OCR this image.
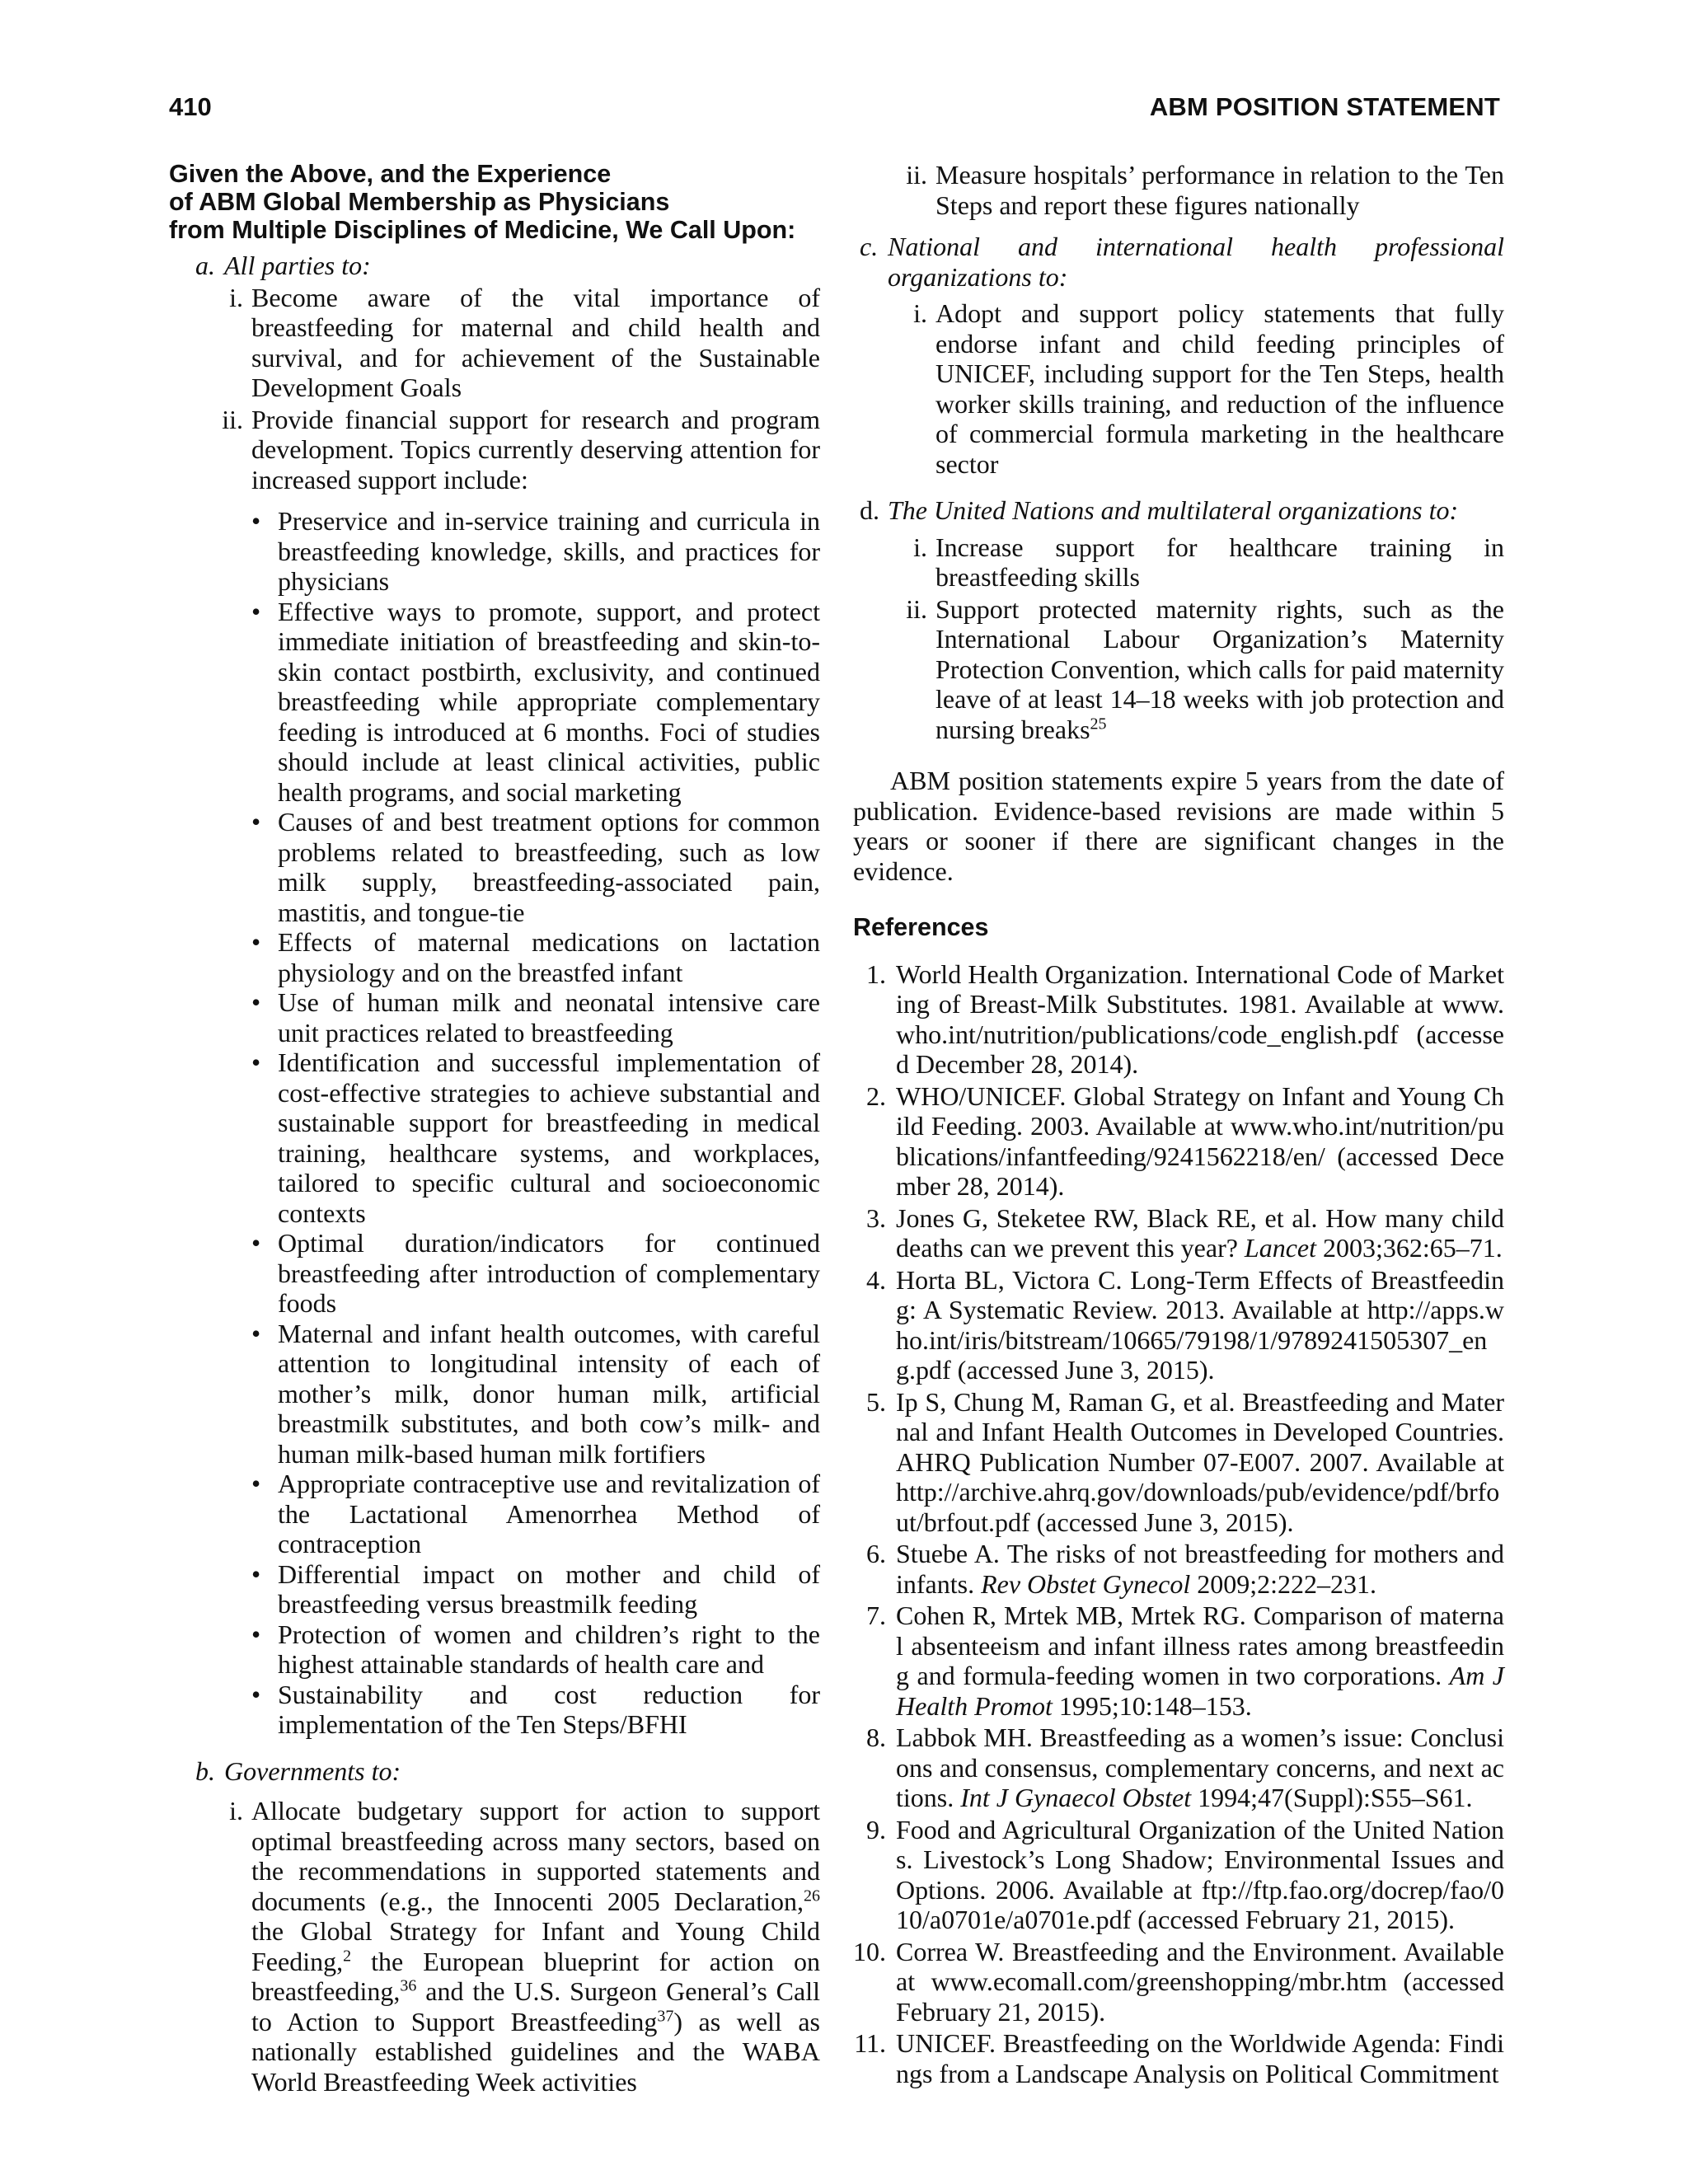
410	ABM POSITION STATEMENT
Given the Above, and the Experience
of ABM Global Membership as Physicians
from Multiple Disciplines of Medicine, We Call Upon:
a. All parties to:
i. Become aware of the vital importance of breastfeeding for maternal and child health and survival, and for achievement of the Sustainable Development Goals
ii. Provide financial support for research and program development. Topics currently deserving attention for increased support include:
• Preservice and in-service training and curricula in breastfeeding knowledge, skills, and practices for physicians
• Effective ways to promote, support, and protect immediate initiation of breastfeeding and skin-to-skin contact postbirth, exclusivity, and continued breastfeeding while appropriate complementary feeding is introduced at 6 months. Foci of studies should include at least clinical activities, public health programs, and social marketing
• Causes of and best treatment options for common problems related to breastfeeding, such as low milk supply, breastfeeding-associated pain, mastitis, and tongue-tie
• Effects of maternal medications on lactation physiology and on the breastfed infant
• Use of human milk and neonatal intensive care unit practices related to breastfeeding
• Identification and successful implementation of cost-effective strategies to achieve substantial and sustainable support for breastfeeding in medical training, healthcare systems, and workplaces, tailored to specific cultural and socioeconomic contexts
• Optimal duration/indicators for continued breastfeeding after introduction of complementary foods
• Maternal and infant health outcomes, with careful attention to longitudinal intensity of each of mother’s milk, donor human milk, artificial breastmilk substitutes, and both cow’s milk- and human milk-based human milk fortifiers
• Appropriate contraceptive use and revitalization of the Lactational Amenorrhea Method of contraception
• Differential impact on mother and child of breastfeeding versus breastmilk feeding
• Protection of women and children’s right to the highest attainable standards of health care and
• Sustainability and cost reduction for implementation of the Ten Steps/BFHI
b. Governments to:
i. Allocate budgetary support for action to support optimal breastfeeding across many sectors, based on the recommendations in supported statements and documents (e.g., the Innocenti 2005 Declaration,$^{26}$ the Global Strategy for Infant and Young Child Feeding,$^2$ the European blueprint for action on breastfeeding,$^{36}$ and the U.S. Surgeon General’s Call to Action to Support Breastfeeding$^{37}$) as well as nationally established guidelines and the WABA World Breastfeeding Week activities
ii. Measure hospitals’ performance in relation to the Ten Steps and report these figures nationally
c. National and international health professional organizations to:
i. Adopt and support policy statements that fully endorse infant and child feeding principles of UNICEF, including support for the Ten Steps, health worker skills training, and reduction of the influence of commercial formula marketing in the healthcare sector
d. The United Nations and multilateral organizations to:
i. Increase support for healthcare training in breastfeeding skills
ii. Support protected maternity rights, such as the International Labour Organization’s Maternity Protection Convention, which calls for paid maternity leave of at least 14–18 weeks with job protection and nursing breaks$^{25}$
ABM position statements expire 5 years from the date of publication. Evidence-based revisions are made within 5 years or sooner if there are significant changes in the evidence.
References
1. World Health Organization. International Code of Marketing of Breast-Milk Substitutes. 1981. Available at www.who.int/nutrition/publications/code_english.pdf (accessed December 28, 2014).
2. WHO/UNICEF. Global Strategy on Infant and Young Child Feeding. 2003. Available at www.who.int/nutrition/publications/infantfeeding/9241562218/en/ (accessed December 28, 2014).
3. Jones G, Steketee RW, Black RE, et al. How many child deaths can we prevent this year? Lancet 2003;362:65–71.
4. Horta BL, Victora C. Long-Term Effects of Breastfeeding: A Systematic Review. 2013. Available at http://apps.who.int/iris/bitstream/10665/79198/1/9789241505307_eng.pdf (accessed June 3, 2015).
5. Ip S, Chung M, Raman G, et al. Breastfeeding and Maternal and Infant Health Outcomes in Developed Countries. AHRQ Publication Number 07-E007. 2007. Available at http://archive.ahrq.gov/downloads/pub/evidence/pdf/brfout/brfout.pdf (accessed June 3, 2015).
6. Stuebe A. The risks of not breastfeeding for mothers and infants. Rev Obstet Gynecol 2009;2:222–231.
7. Cohen R, Mrtek MB, Mrtek RG. Comparison of maternal absenteeism and infant illness rates among breastfeeding and formula-feeding women in two corporations. Am J Health Promot 1995;10:148–153.
8. Labbok MH. Breastfeeding as a women’s issue: Conclusions and consensus, complementary concerns, and next actions. Int J Gynaecol Obstet 1994;47(Suppl):S55–S61.
9. Food and Agricultural Organization of the United Nations. Livestock’s Long Shadow; Environmental Issues and Options. 2006. Available at ftp://ftp.fao.org/docrep/fao/010/a0701e/a0701e.pdf (accessed February 21, 2015).
10. Correa W. Breastfeeding and the Environment. Available at www.ecomall.com/greenshopping/mbr.htm (accessed February 21, 2015).
11. UNICEF. Breastfeeding on the Worldwide Agenda: Findings from a Landscape Analysis on Political Commitment
